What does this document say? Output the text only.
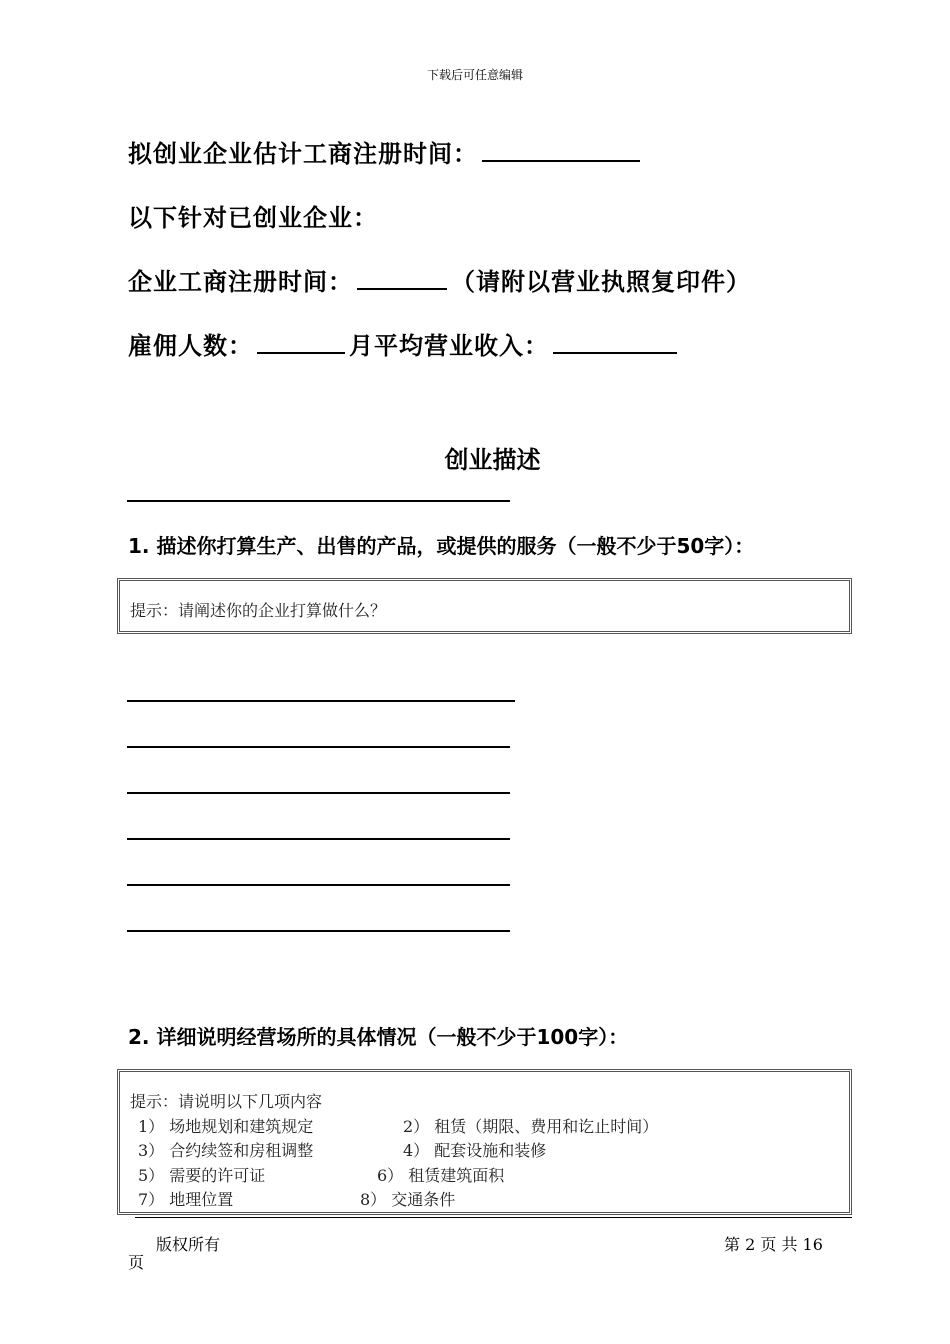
下载后可任意编辑
拟创业企业估计工商注册时间：
以下针对已创业企业：
企业工商注册时间：	（请附以营业执照复印件）
雇佣人数：	月平均营业收入：
创业描述
1. 描述你打算生产、出售的产品，或提供的服务（一般不少于50字）：
提示：请阐述你的企业打算做什么？
2. 详细说明经营场所的具体情况（一般不少于100字）：
提示：请说明以下几项内容
1） 场地规划和建筑规定	2） 租赁（期限、费用和讫止时间）
3） 合约续签和房租调整	4） 配套设施和装修
5） 需要的许可证	6） 租赁建筑面积
7） 地理位置	8） 交通条件
版权所有	第 2 页 共 16
页
